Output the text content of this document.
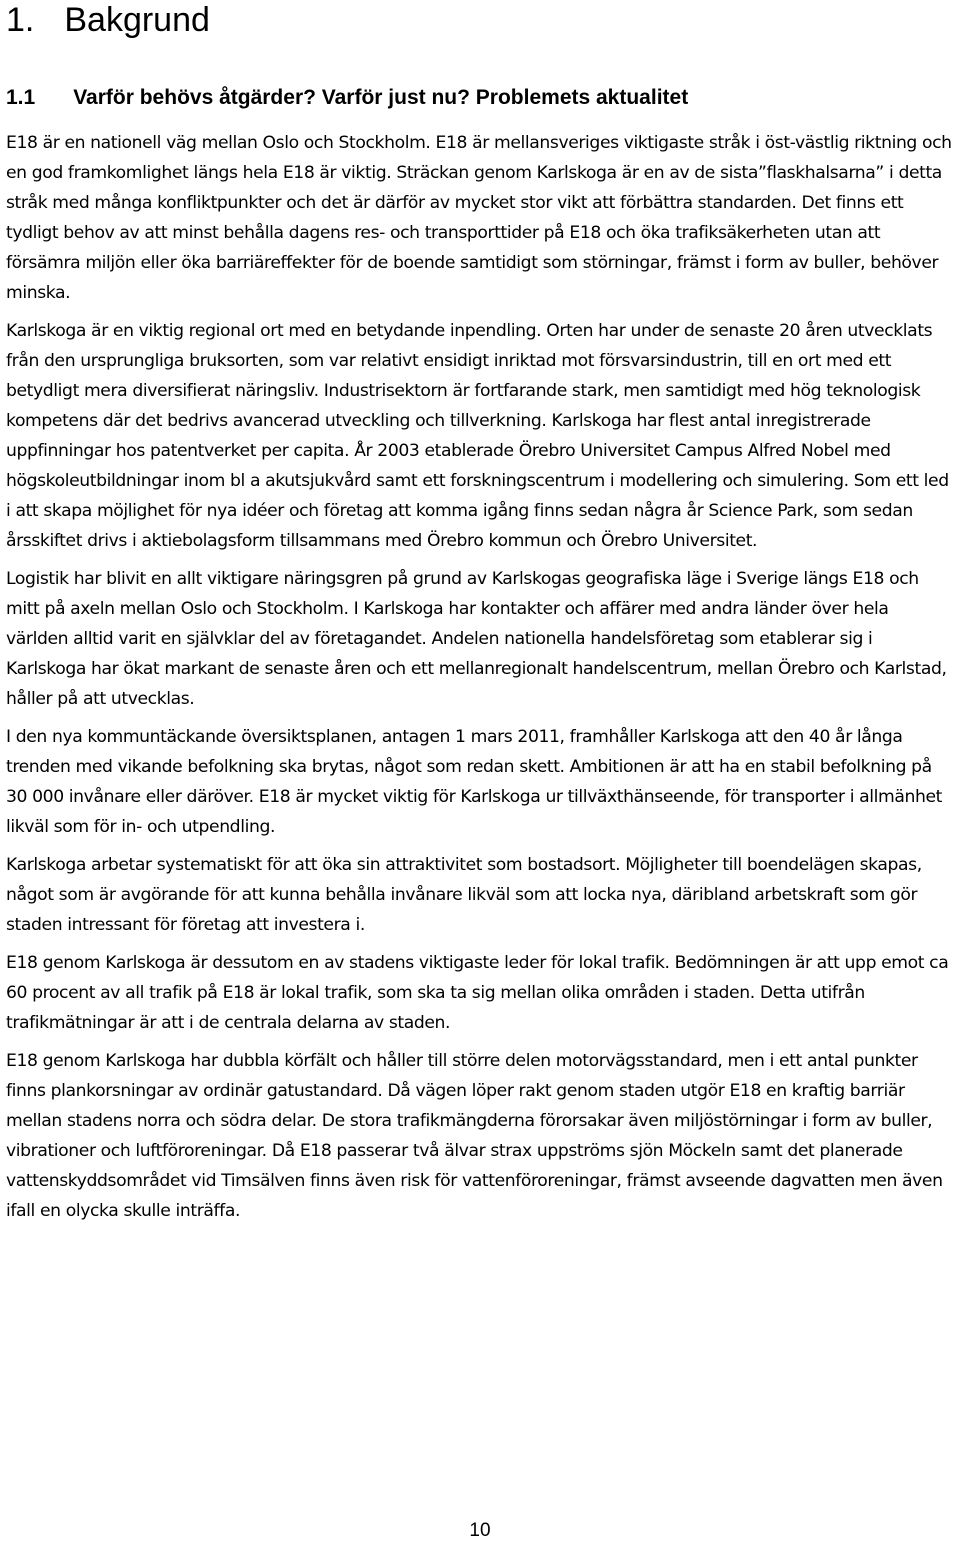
1. Bakgrund
1.1 Varför behövs åtgärder? Varför just nu? Problemets aktualitet

E18 är en nationell väg mellan Oslo och Stockholm. E18 är mellansveriges viktigaste stråk i öst-västlig riktning och en god framkomlighet längs hela E18 är viktig. Sträckan genom Karlskoga är en av de sista”flaskhalsarna” i detta stråk med många konfliktpunkter och det är därför av mycket stor vikt att förbättra standarden. Det finns ett tydligt behov av att minst behålla dagens res- och transporttider på E18 och öka trafiksäkerheten utan att försämra miljön eller öka barriäreffekter för de boende samtidigt som störningar, främst i form av buller, behöver minska.

Karlskoga är en viktig regional ort med en betydande inpendling. Orten har under de senaste 20 åren utvecklats från den ursprungliga bruksorten, som var relativt ensidigt inriktad mot försvarsindustrin, till en ort med ett betydligt mera diversifierat näringsliv. Industrisektorn är fortfarande stark, men samtidigt med hög teknologisk kompetens där det bedrivs avancerad utveckling och tillverkning. Karlskoga har flest antal inregistrerade uppfinningar hos patentverket per capita. År 2003 etablerade Örebro Universitet Campus Alfred Nobel med högskoleutbildningar inom bl a akutsjukvård samt ett forskningscentrum i modellering och simulering. Som ett led i att skapa möjlighet för nya idéer och företag att komma igång finns sedan några år Science Park, som sedan årsskiftet drivs i aktiebolagsform tillsammans med Örebro kommun och Örebro Universitet.

Logistik har blivit en allt viktigare näringsgren på grund av Karlskogas geografiska läge i Sverige längs E18 och mitt på axeln mellan Oslo och Stockholm. I Karlskoga har kontakter och affärer med andra länder över hela världen alltid varit en självklar del av företagandet. Andelen nationella handelsföretag som etablerar sig i Karlskoga har ökat markant de senaste åren och ett mellanregionalt handelscentrum, mellan Örebro och Karlstad, håller på att utvecklas.

I den nya kommuntäckande översiktsplanen, antagen 1 mars 2011, framhåller Karlskoga att den 40 år långa trenden med vikande befolkning ska brytas, något som redan skett. Ambitionen är att ha en stabil befolkning på 30 000 invånare eller däröver. E18 är mycket viktig för Karlskoga ur tillväxthänseende, för transporter i allmänhet likväl som för in- och utpendling.

Karlskoga arbetar systematiskt för att öka sin attraktivitet som bostadsort. Möjligheter till boendelägen skapas, något som är avgörande för att kunna behålla invånare likväl som att locka nya, däribland arbetskraft som gör staden intressant för företag att investera i.

E18 genom Karlskoga är dessutom en av stadens viktigaste leder för lokal trafik. Bedömningen är att upp emot ca 60 procent av all trafik på E18 är lokal trafik, som ska ta sig mellan olika områden i staden. Detta utifrån trafikmätningar är att i de centrala delarna av staden.

E18 genom Karlskoga har dubbla körfält och håller till större delen motorvägsstandard, men i ett antal punkter finns plankorsningar av ordinär gatustandard. Då vägen löper rakt genom staden utgör E18 en kraftig barriär mellan stadens norra och södra delar. De stora trafikmängderna förorsakar även miljöstörningar i form av buller, vibrationer och luftföroreningar. Då E18 passerar två älvar strax uppströms sjön Möckeln samt det planerade vattenskyddsområdet vid Timsälven finns även risk för vattenföroreningar, främst avseende dagvatten men även ifall en olycka skulle inträffa.

10
